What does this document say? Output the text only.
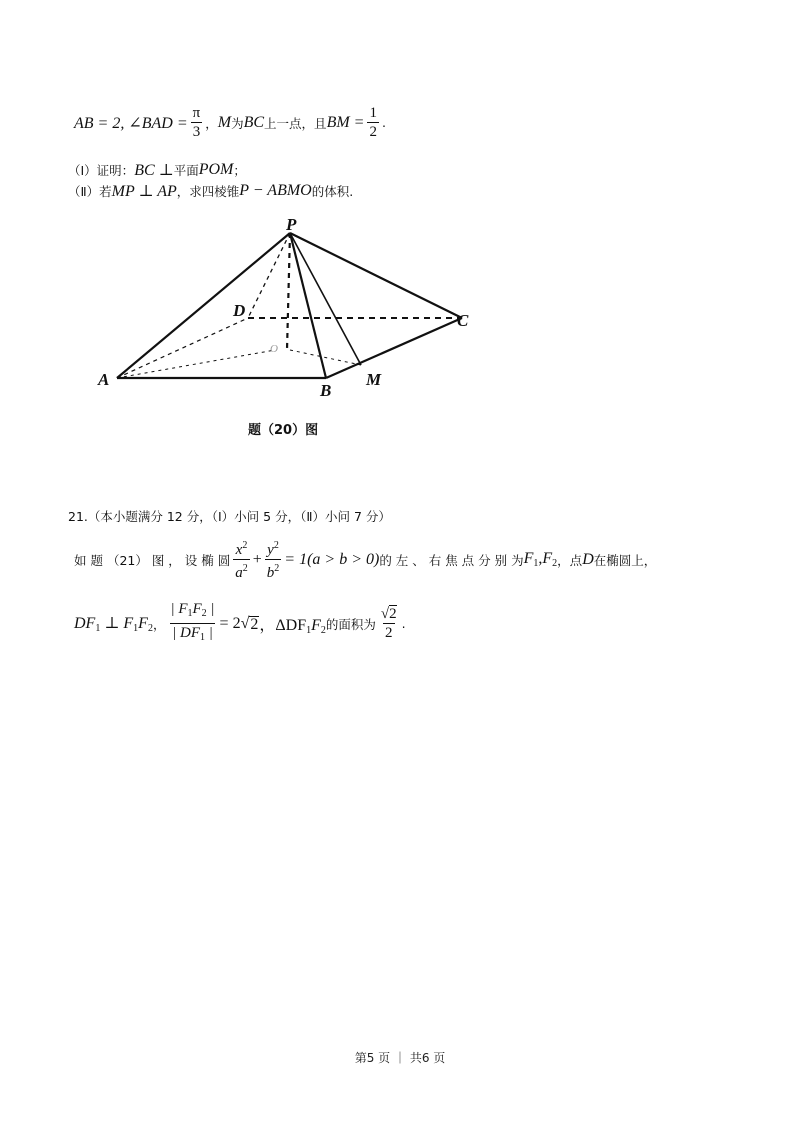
AB = 2, ∠BAD = $\frac{\pi}{3}$ ， M 为 BC 上一点，且 BM = $\frac{1}{2}$ .
（Ⅰ）证明： BC ⊥ 平面 POM ；
（Ⅱ）若 MP ⊥ AP ，求四棱锥 P − ABMO 的体积.
P
D
C
A
B
M
O
题（20）图
21.（本小题满分 12 分，（Ⅰ）小问 5 分，（Ⅱ）小问 7 分）
如 题 （21） 图 ， 设 椭 圆 $\frac{x^2}{a^2} + \frac{y^2}{b^2} = 1(a > b > 0)$ 的 左 、 右 焦 点 分 别 为 $F_1,F_2$ ，点 D 在椭圆上，
$DF_1$ ⊥ $F_1F_2$ ， $\frac{| F_1F_2 |}{| DF_1 |} = 2$ √ 2 ，$\Delta DF_1F_2$ 的面积为 $\frac{√2}{2}$ .
第5 页 ｜ 共6 页
